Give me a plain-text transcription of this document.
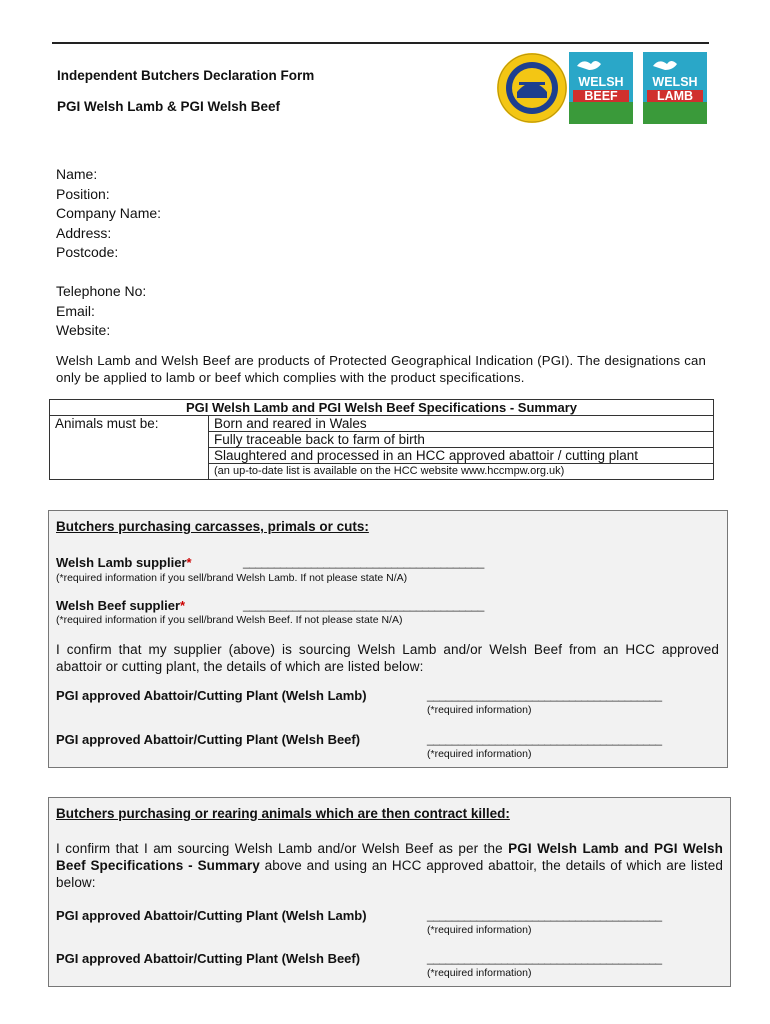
Independent Butchers Declaration Form
PGI Welsh Lamb & PGI Welsh Beef
WELSH
BEEF
WELSH
LAMB
Name:
Position:
Company Name:
Address:
Postcode:
Telephone No:
Email:
Website:
Welsh Lamb and Welsh Beef are products of Protected Geographical Indication (PGI). The designations can only be applied to lamb or beef which complies with the product specifications.
PGI Welsh Lamb and PGI Welsh Beef Specifications - Summary
Animals must be:	Born and reared in Wales
Fully traceable back to farm of birth
Slaughtered and processed in an HCC approved abattoir / cutting plant
(an up-to-date list is available on the HCC website www.hccmpw.org.uk)
Butchers purchasing carcasses, primals or cuts:
Welsh Lamb supplier*	_______________________________________
(*required information if you sell/brand Welsh Lamb. If not please state N/A)
Welsh Beef supplier*	_______________________________________
(*required information if you sell/brand Welsh Beef. If not please state N/A)
I confirm that my supplier (above) is sourcing Welsh Lamb and/or Welsh Beef from an HCC approved abattoir or cutting plant, the details of which are listed below:
PGI approved Abattoir/Cutting Plant (Welsh Lamb)	______________________________________
(*required information)
PGI approved Abattoir/Cutting Plant (Welsh Beef)	______________________________________
(*required information)
Butchers purchasing or rearing animals which are then contract killed:
I confirm that I am sourcing Welsh Lamb and/or Welsh Beef as per the PGI Welsh Lamb and PGI Welsh Beef Specifications - Summary above and using an HCC approved abattoir, the details of which are listed below:
PGI approved Abattoir/Cutting Plant (Welsh Lamb)	______________________________________
(*required information)
PGI approved Abattoir/Cutting Plant (Welsh Beef)	______________________________________
(*required information)
